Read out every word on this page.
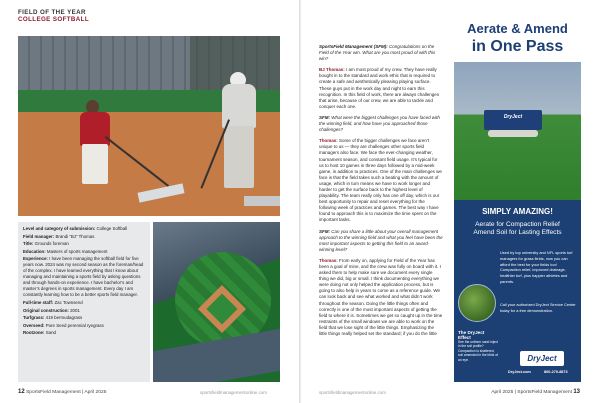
FIELD OF THE YEAR
COLLEGE SOFTBALL

Level and category of submission: College Softball

Field manager: Brandi “BJ” Thomas

Title: Grounds foreman

Education: Masters of sports management

Experience: I have been managing the softball field for five years now. 2024 was my second season as the foreman/head of the complex. I have learned everything that I know about managing and maintaining a sports field by asking questions and through hands-on experience. I have bachelor’s and master’s degrees in sports management. Every day I am constantly learning how to be a better sports field manager.

Full-time staff: Zac Townsend

Original construction: 2001

Turfgrass: 419 bermudagrass

Overseed: Pure Seed perennial ryegrass

Rootzone: Sand

SportsField Management (SFM): Congratulations on the Field of the Year win. What are you most proud of with this win?

BJ Thomas: I am most proud of my crew. They have really bought in to the standard and work ethic that is required to create a safe and aesthetically pleasing playing surface. These guys put in the work day and night to earn this recognition. In this field of work, there are always challenges that arise, because of our crew, we are able to tackle and conquer each one.

SFM: What were the biggest challenges you have faced with the winning field, and how have you approached those challenges?

Thomas: Some of the bigger challenges we face aren’t unique to us — they are challenges other sports field managers also face. We face the ever-changing weather, tournament season, and constant field usage. It’s typical for us to host 10 games in three days followed by a mid-week game, in addition to practices. One of the main challenges we face is that the field takes such a beating with the amount of usage, which in turn means we have to work longer and harder to get the surface back to the highest level of playability. The team really only has one off day, which is our best opportunity to repair and reset everything for the following week of practices and games. The best way I have found to approach this is to maximize the time spent on the important tasks.

SFM: Can you share a little about your overall management approach to the winning field and what you feel have been the most important aspects to getting this field to an award-winning level?

Thomas: From early on, applying for Field of the Year has been a goal of mine, and the crew was fully on board with it. I asked them to help make sure we document every single thing we did, big or small. I think documenting everything we were doing not only helped the application process, but is going to also help in years to come as a reference guide. We can look back and see what worked and what didn’t work throughout the season. Doing the little things often and correctly is one of the most important aspects of getting the field to where it is. Sometimes we get so caught up in the time restraints of the small windows we are able to work on the field that we lose sight of the little things. Emphasizing the little things really helped set the standard; if you do the little

Aerate & Amend
in One Pass
DryJect
SIMPLY AMAZING!
Aerate for Compaction Relief
Amend Soil for Lasting Effects
Used by top university and NFL sports turf managers for grass fields, now you can afford the best for your fields too! Compaction relief, improved drainage, healthier turf, plus happier athletes and parents.
Call your authorized DryJect Service Center today for a free demonstration.
The DryJect Effect
See the uniform sand inject in the soil profile? Compaction is shattered, soil amended in the blink of an eye.	DryJect
DryJect.com	800-270-8873
12 SportsField Management | April 2025	sportsfieldmanagementonline.com	sportsfieldmanagementonline.com	April 2025 | SportsField Management 13
